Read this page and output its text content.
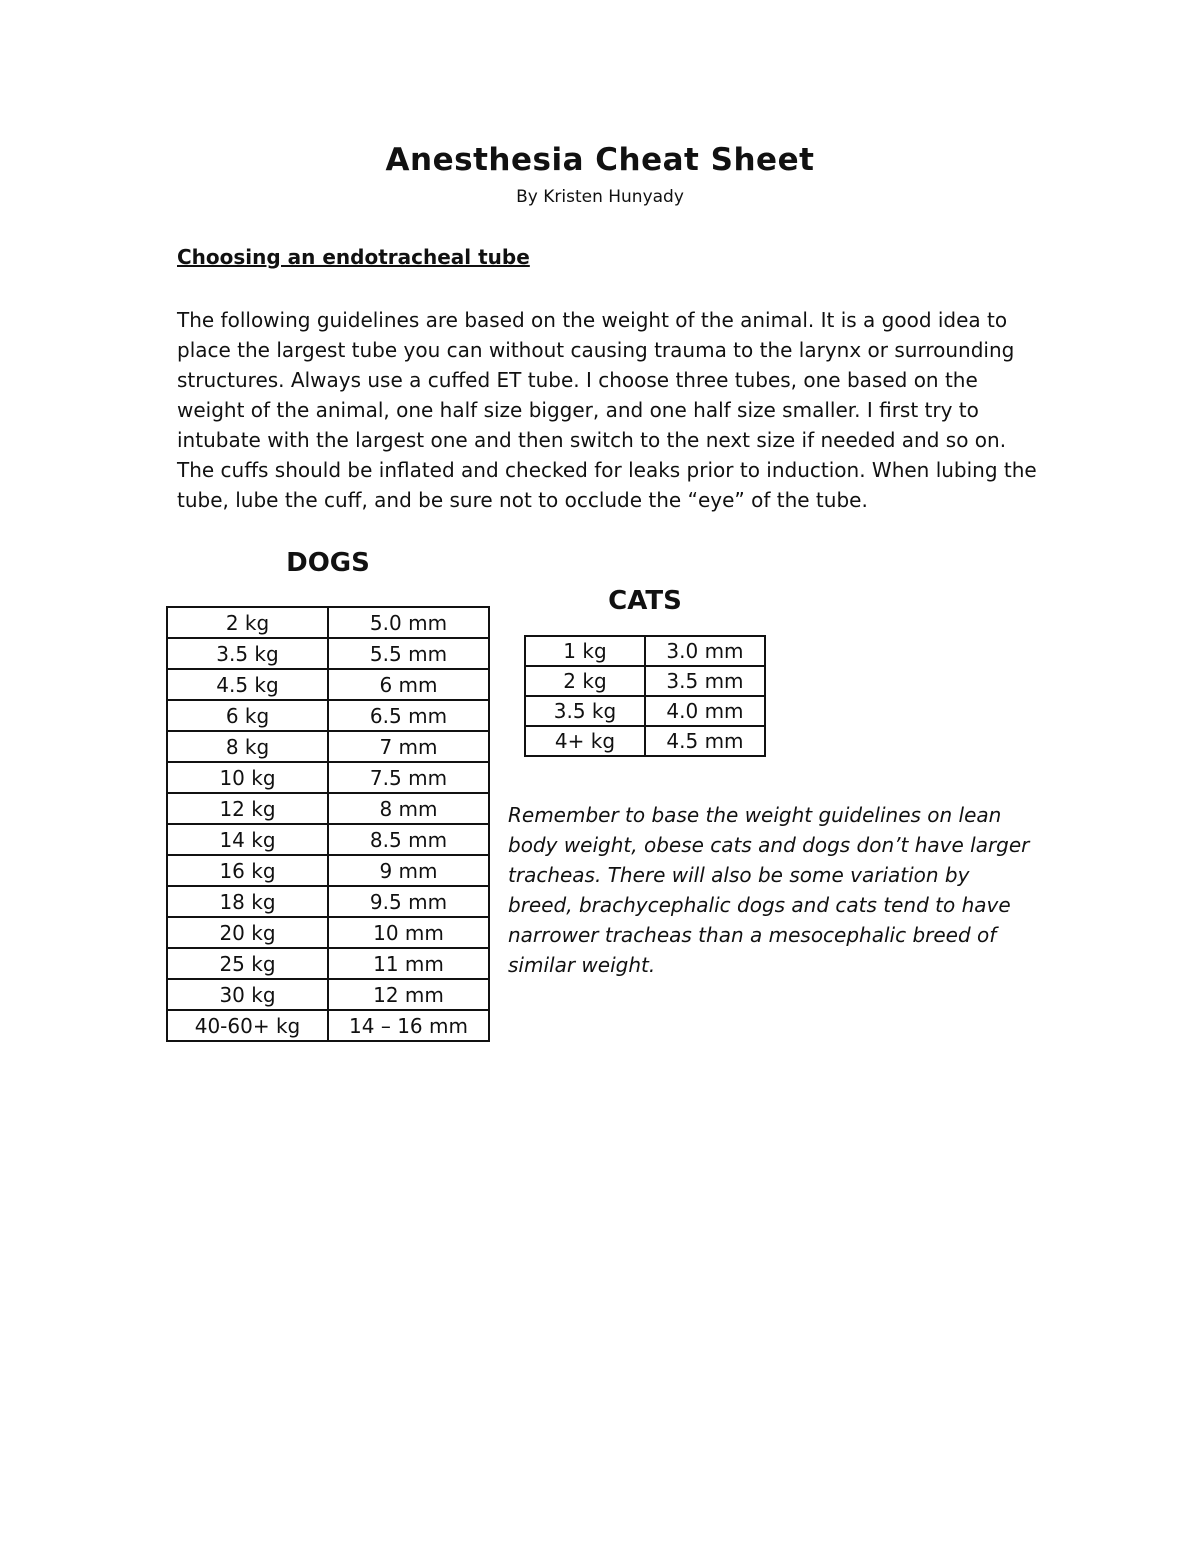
Anesthesia Cheat Sheet

By Kristen Hunyady

Choosing an endotracheal tube

The following guidelines are based on the weight of the animal. It is a good idea to place the largest tube you can without causing trauma to the larynx or surrounding structures. Always use a cuffed ET tube. I choose three tubes, one based on the weight of the animal, one half size bigger, and one half size smaller. I first try to intubate with the largest one and then switch to the next size if needed and so on. The cuffs should be inflated and checked for leaks prior to induction. When lubing the tube, lube the cuff, and be sure not to occlude the “eye” of the tube.

DOGS
2 kg	5.0 mm
3.5 kg	5.5 mm
4.5 kg	6 mm
6 kg	6.5 mm
8 kg	7 mm
10 kg	7.5 mm
12 kg	8 mm
14 kg	8.5 mm
16 kg	9 mm
18 kg	9.5 mm
20 kg	10 mm
25 kg	11 mm
30 kg	12 mm
40-60+ kg	14 – 16 mm
CATS
1 kg	3.0 mm
2 kg	3.5 mm
3.5 kg	4.0 mm
4+ kg	4.5 mm

Remember to base the weight guidelines on lean body weight, obese cats and dogs don’t have larger tracheas. There will also be some variation by breed, brachycephalic dogs and cats tend to have narrower tracheas than a mesocephalic breed of similar weight.
